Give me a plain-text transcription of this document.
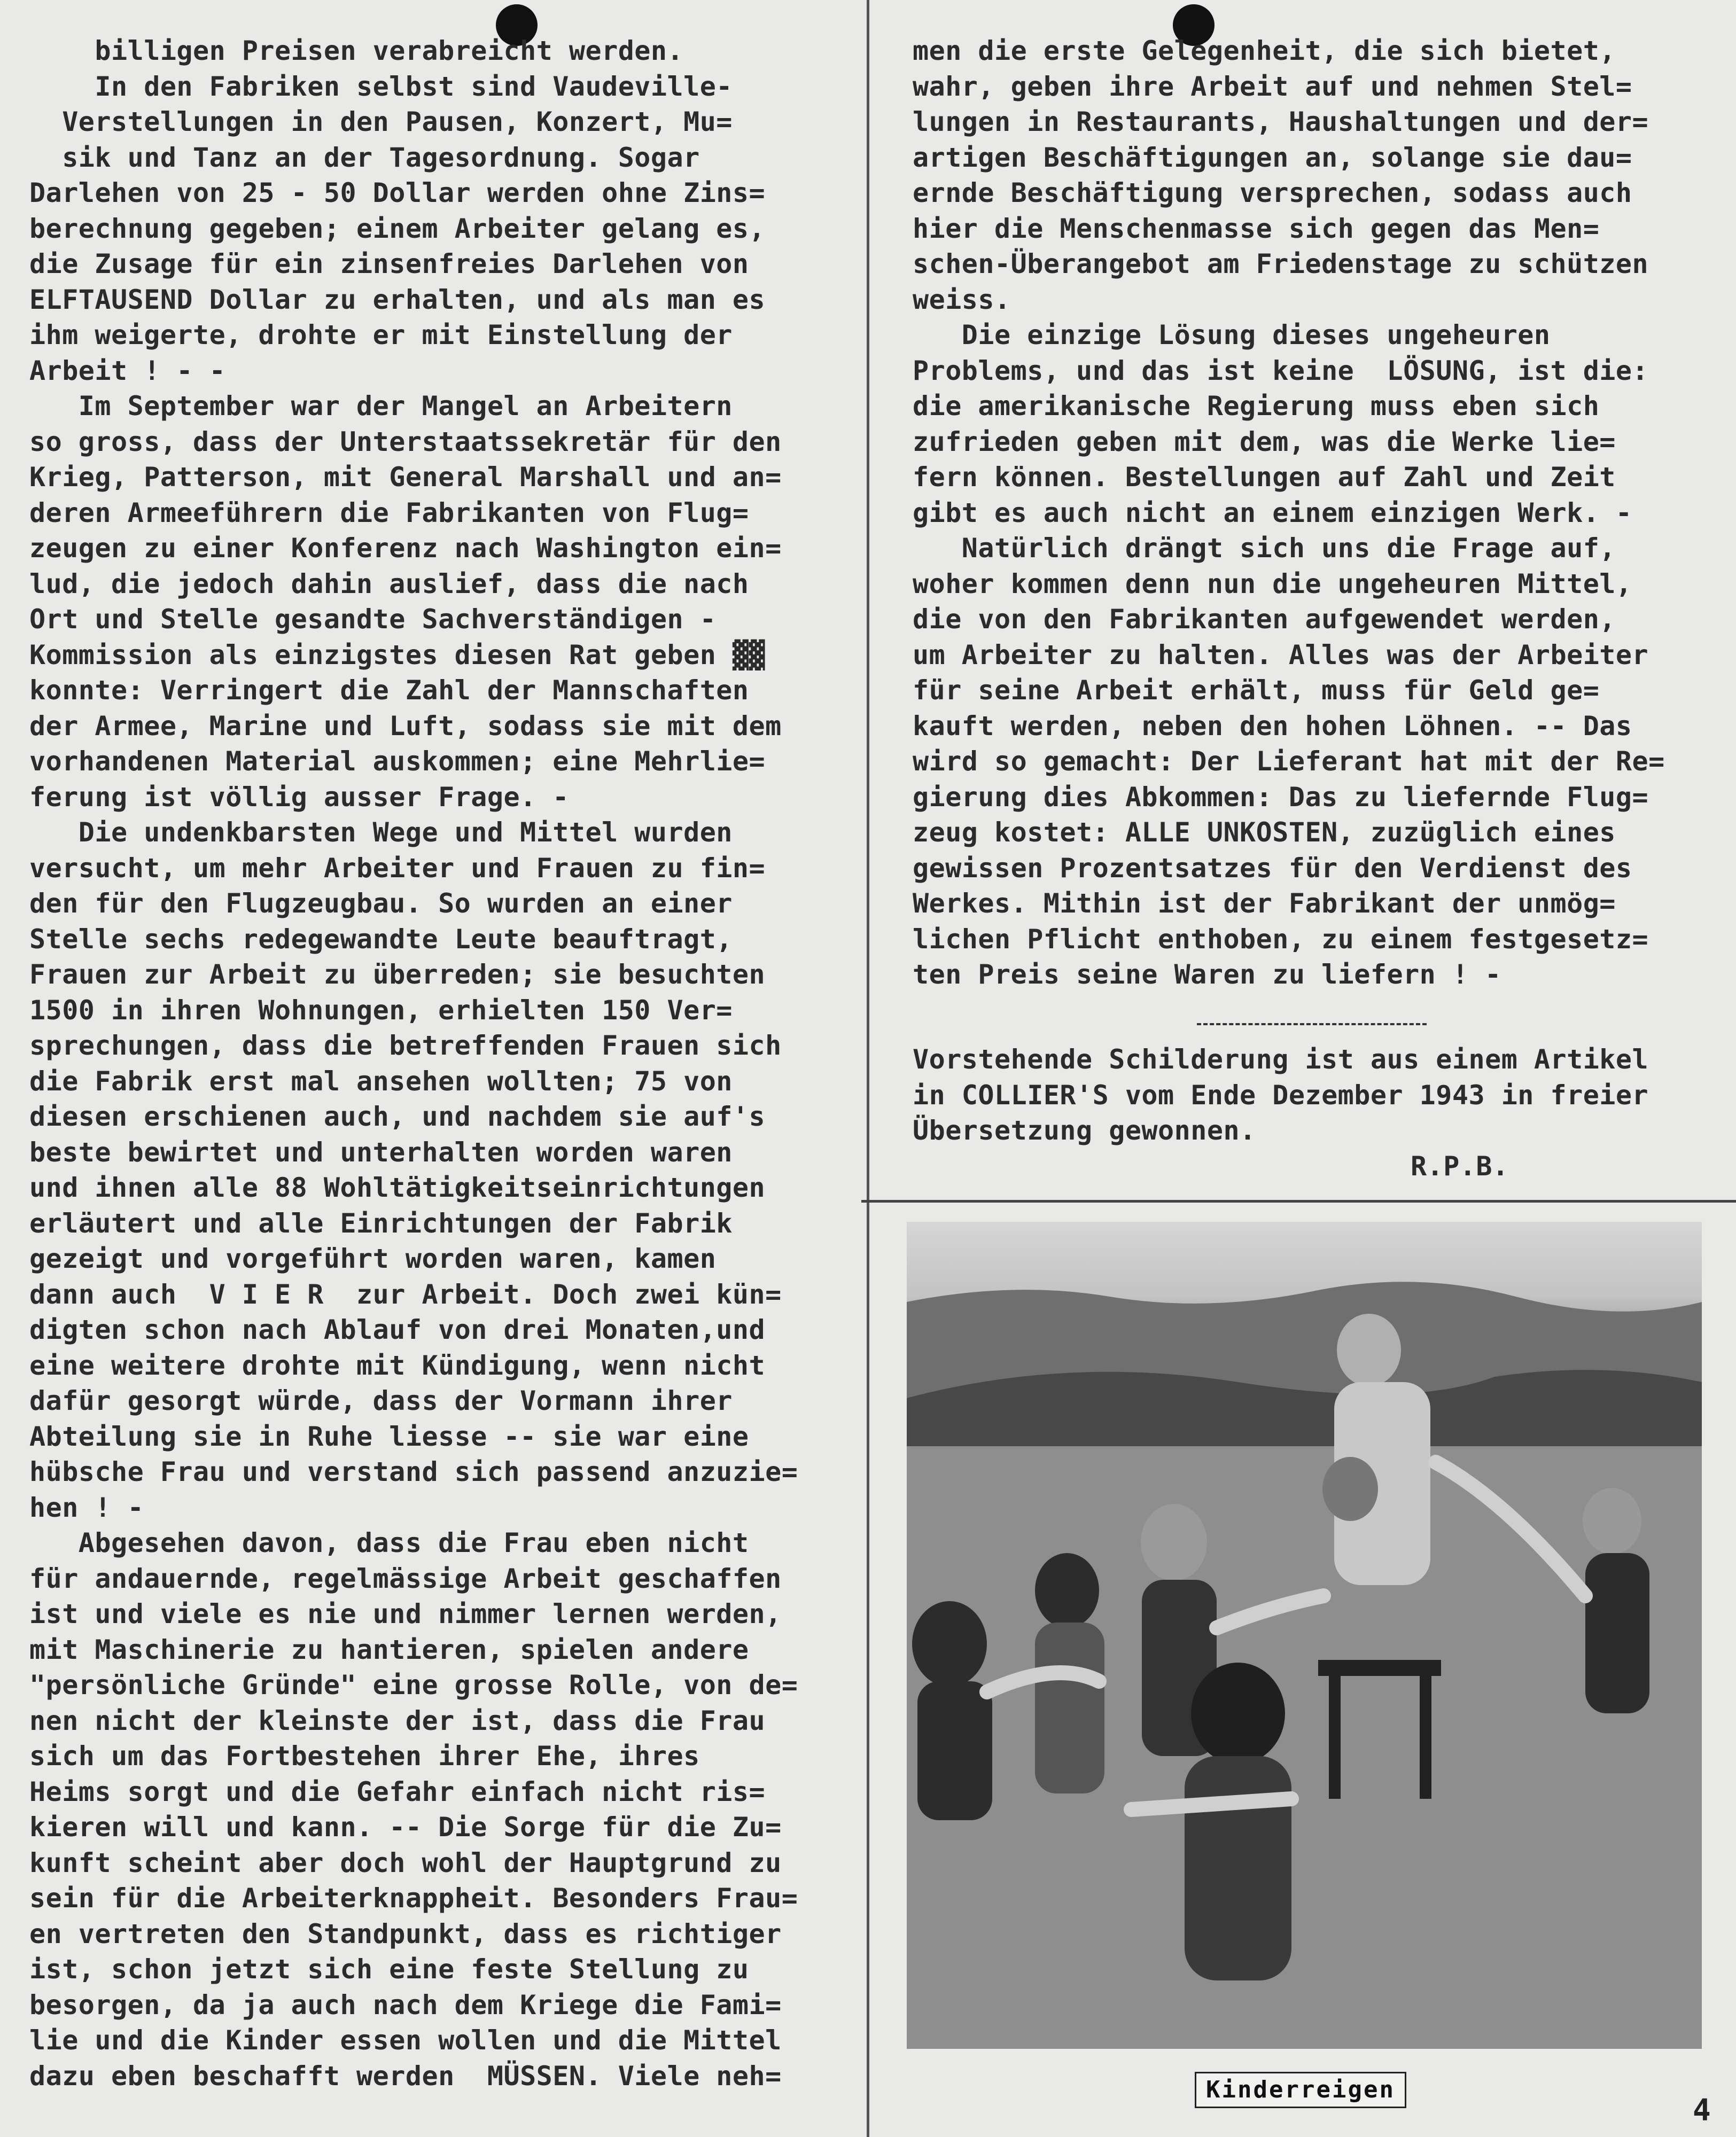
billigen Preisen verabreicht werden.
In den Fabriken selbst sind Vaudeville-
Verstellungen in den Pausen, Konzert, Mu=
sik und Tanz an der Tagesordnung. Sogar
Darlehen von 25 - 50 Dollar werden ohne Zins=
berechnung gegeben; einem Arbeiter gelang es,
die Zusage für ein zinsenfreies Darlehen von
ELFTAUSEND Dollar zu erhalten, und als man es
ihm weigerte, drohte er mit Einstellung der
Arbeit ! - -
Im September war der Mangel an Arbeitern
so gross, dass der Unterstaatssekretär für den
Krieg, Patterson, mit General Marshall und an=
deren Armeeführern die Fabrikanten von Flug=
zeugen zu einer Konferenz nach Washington ein=
lud, die jedoch dahin auslief, dass die nach
Ort und Stelle gesandte Sachverständigen -
Kommission als einzigstes diesen Rat geben ▓▓
konnte: Verringert die Zahl der Mannschaften
der Armee, Marine und Luft, sodass sie mit dem
vorhandenen Material auskommen; eine Mehrlie=
ferung ist völlig ausser Frage. -
Die undenkbarsten Wege und Mittel wurden
versucht, um mehr Arbeiter und Frauen zu fin=
den für den Flugzeugbau. So wurden an einer
Stelle sechs redegewandte Leute beauftragt,
Frauen zur Arbeit zu überreden; sie besuchten
1500 in ihren Wohnungen, erhielten 150 Ver=
sprechungen, dass die betreffenden Frauen sich
die Fabrik erst mal ansehen wollten; 75 von
diesen erschienen auch, und nachdem sie auf's
beste bewirtet und unterhalten worden waren
und ihnen alle 88 Wohltätigkeitseinrichtungen
erläutert und alle Einrichtungen der Fabrik
gezeigt und vorgeführt worden waren, kamen
dann auch  V I E R  zur Arbeit. Doch zwei kün=
digten schon nach Ablauf von drei Monaten,und
eine weitere drohte mit Kündigung, wenn nicht
dafür gesorgt würde, dass der Vormann ihrer
Abteilung sie in Ruhe liesse -- sie war eine
hübsche Frau und verstand sich passend anzuzie=
hen ! -
Abgesehen davon, dass die Frau eben nicht
für andauernde, regelmässige Arbeit geschaffen
ist und viele es nie und nimmer lernen werden,
mit Maschinerie zu hantieren, spielen andere
"persönliche Gründe" eine grosse Rolle, von de=
nen nicht der kleinste der ist, dass die Frau
sich um das Fortbestehen ihrer Ehe, ihres
Heims sorgt und die Gefahr einfach nicht ris=
kieren will und kann. -- Die Sorge für die Zu=
kunft scheint aber doch wohl der Hauptgrund zu
sein für die Arbeiterknappheit. Besonders Frau=
en vertreten den Standpunkt, dass es richtiger
ist, schon jetzt sich eine feste Stellung zu
besorgen, da ja auch nach dem Kriege die Fami=
lie und die Kinder essen wollen und die Mittel
dazu eben beschafft werden  MÜSSEN. Viele neh=
men die erste Gelegenheit, die sich bietet,
wahr, geben ihre Arbeit auf und nehmen Stel=
lungen in Restaurants, Haushaltungen und der=
artigen Beschäftigungen an, solange sie dau=
ernde Beschäftigung versprechen, sodass auch
hier die Menschenmasse sich gegen das Men=
schen-Überangebot am Friedenstage zu schützen
weiss.
Die einzige Lösung dieses ungeheuren
Problems, und das ist keine  LÖSUNG, ist die:
die amerikanische Regierung muss eben sich
zufrieden geben mit dem, was die Werke lie=
fern können. Bestellungen auf Zahl und Zeit
gibt es auch nicht an einem einzigen Werk. -
Natürlich drängt sich uns die Frage auf,
woher kommen denn nun die ungeheuren Mittel,
die von den Fabrikanten aufgewendet werden,
um Arbeiter zu halten. Alles was der Arbeiter
für seine Arbeit erhält, muss für Geld ge=
kauft werden, neben den hohen Löhnen. -- Das
wird so gemacht: Der Lieferant hat mit der Re=
gierung dies Abkommen: Das zu liefernde Flug=
zeug kostet: ALLE UNKOSTEN, zuzüglich eines
gewissen Prozentsatzes für den Verdienst des
Werkes. Mithin ist der Fabrikant der unmög=
lichen Pflicht enthoben, zu einem festgesetz=
ten Preis seine Waren zu liefern ! -
Vorstehende Schilderung ist aus einem Artikel
in COLLIER'S vom Ende Dezember 1943 in freier
Übersetzung gewonnen.
R.P.B.
Kinderreigen
4
